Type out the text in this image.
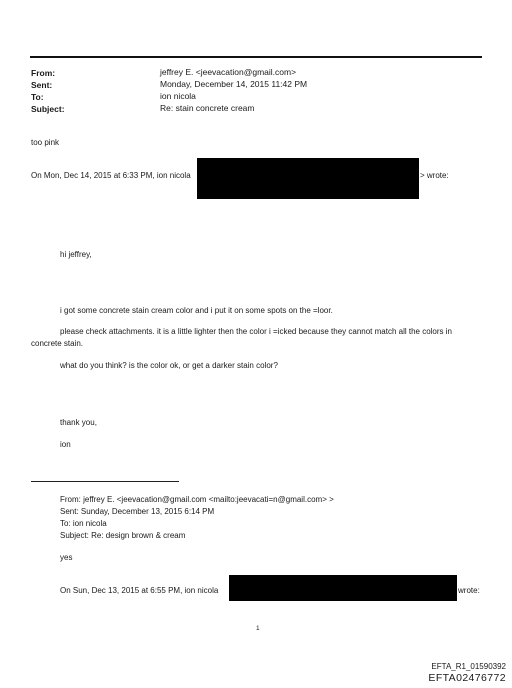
From:	jeffrey E. <jeevacation@gmail.com>
Sent:	Monday, December 14, 2015 11:42 PM
To:	ion nicola
Subject:	Re: stain concrete cream
too pink
On Mon, Dec 14, 2015 at 6:33 PM, ion nicola	> wrote:
hi jeffrey,
i got some concrete stain cream color and i put it on some spots on the =loor.
please check attachments. it is a little lighter then the color i =icked because they cannot match all the colors in
concrete stain.
what do you think? is the color ok, or get a darker stain color?
thank you,
ion
From: jeffrey E. <jeevacation@gmail.com <mailto:jeevacati=n@gmail.com> >
Sent: Sunday, December 13, 2015 6:14 PM
To: ion nicola
Subject: Re: design brown & cream
yes
On Sun, Dec 13, 2015 at 6:55 PM, ion nicola	wrote:
1
EFTA_R1_01590392
EFTA02476772
